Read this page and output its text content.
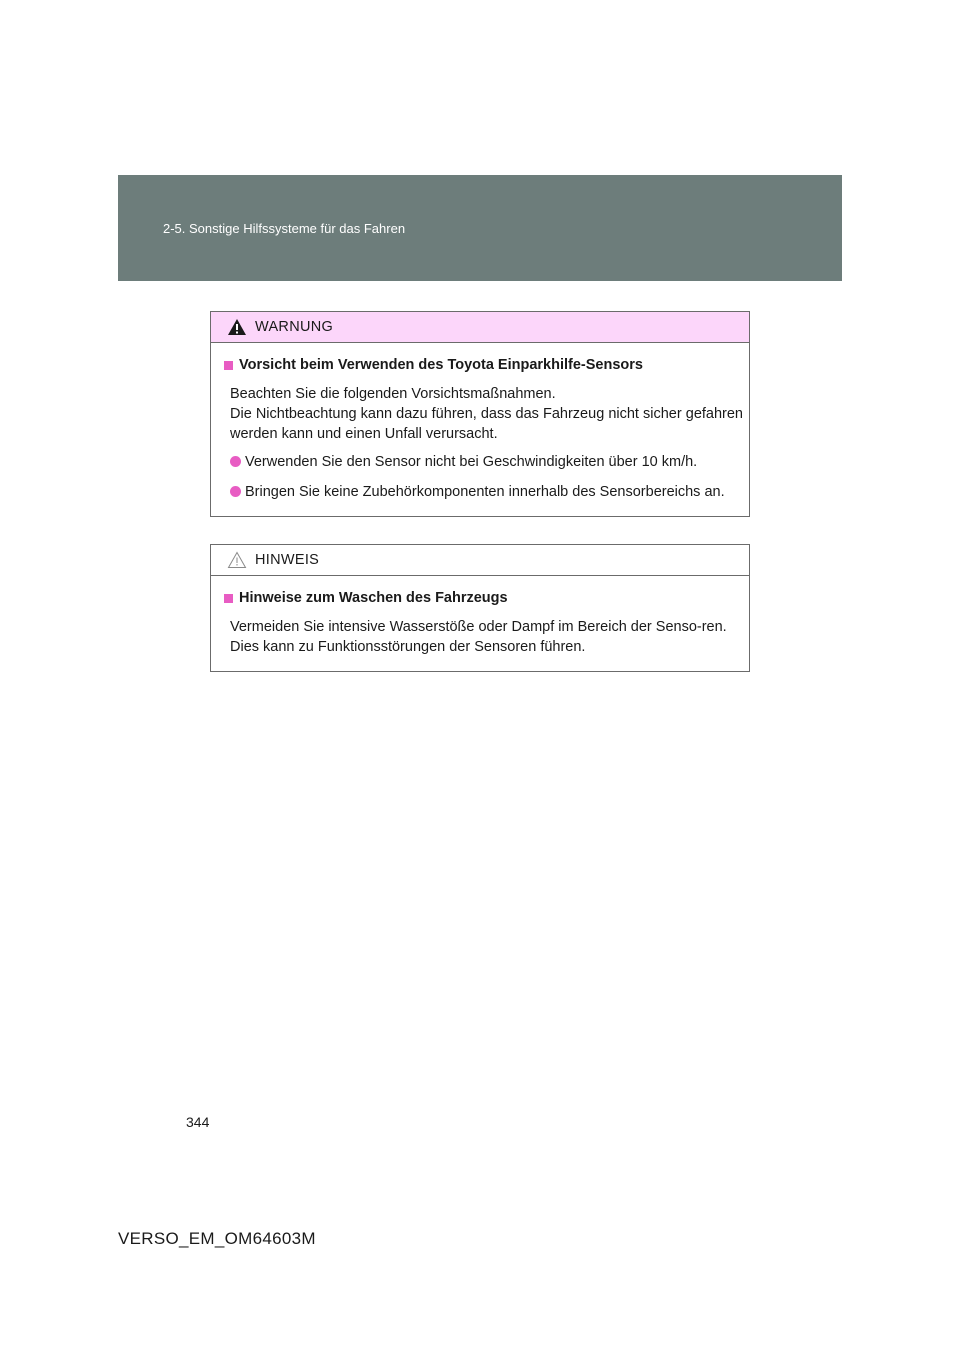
2-5. Sonstige Hilfssysteme für das Fahren
WARNUNG
Vorsicht beim Verwenden des Toyota Einparkhilfe-Sensors
Beachten Sie die folgenden Vorsichtsmaßnahmen.
Die Nichtbeachtung kann dazu führen, dass das Fahrzeug nicht sicher gefahren werden kann und einen Unfall verursacht.
Verwenden Sie den Sensor nicht bei Geschwindigkeiten über 10 km/h.
Bringen Sie keine Zubehörkomponenten innerhalb des Sensorbereichs an.
HINWEIS
Hinweise zum Waschen des Fahrzeugs
Vermeiden Sie intensive Wasserstöße oder Dampf im Bereich der Senso-ren.
Dies kann zu Funktionsstörungen der Sensoren führen.
344
VERSO_EM_OM64603M
